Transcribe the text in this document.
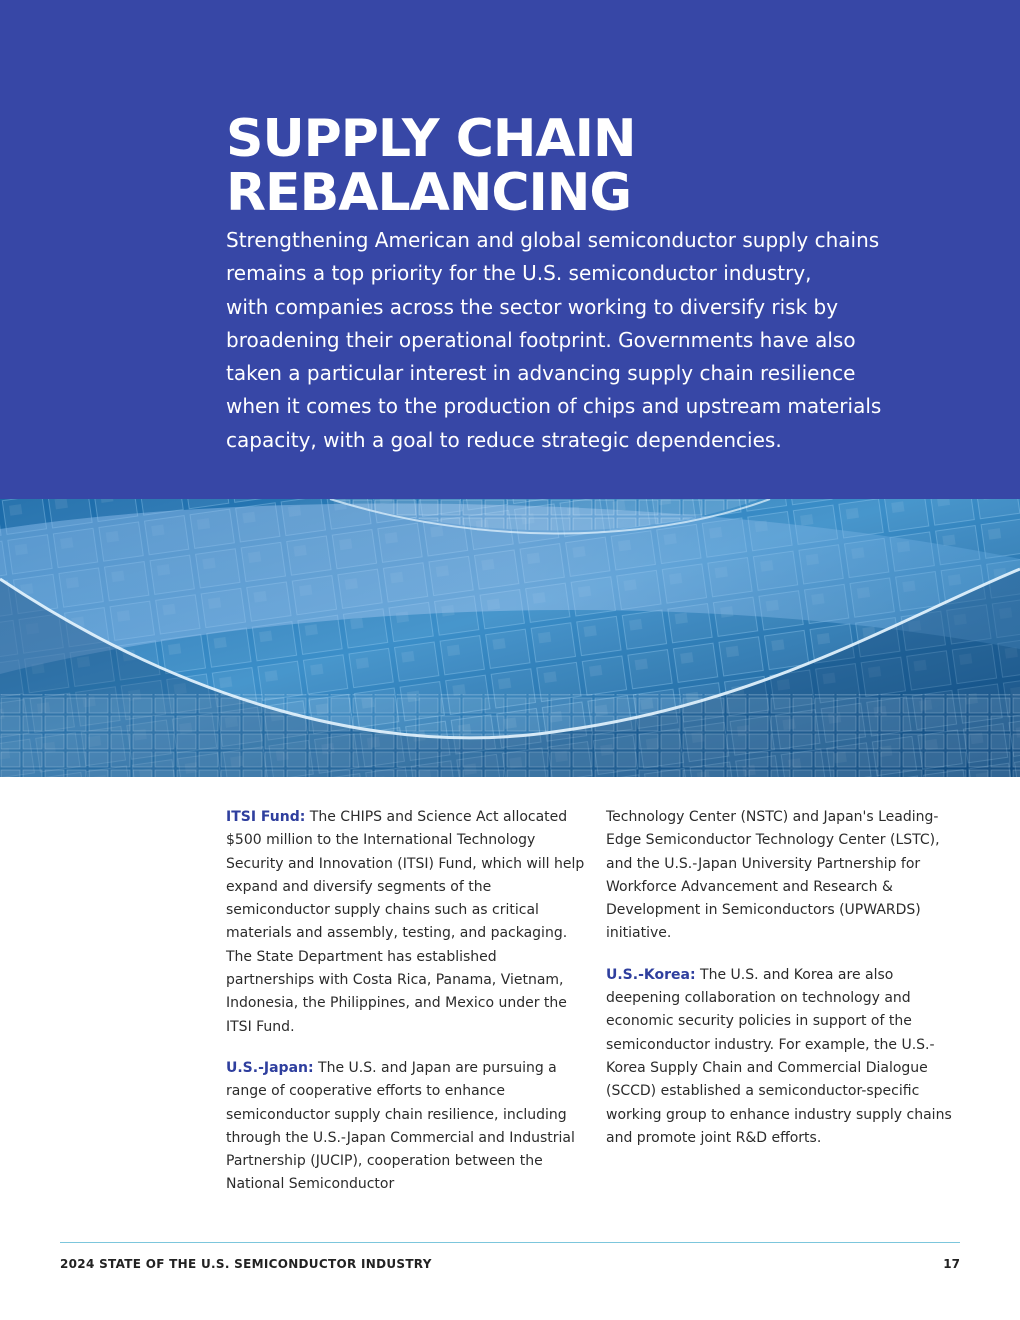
SUPPLY CHAIN
REBALANCING

Strengthening American and global semiconductor supply chains
remains a top priority for the U.S. semiconductor industry,
with companies across the sector working to diversify risk by
broadening their operational footprint. Governments have also
taken a particular interest in advancing supply chain resilience
when it comes to the production of chips and upstream materials
capacity, with a goal to reduce strategic dependencies.

ITSI Fund: The CHIPS and Science Act allocated $500 million to the International Technology Security and Innovation (ITSI) Fund, which will help expand and diversify segments of the semiconductor supply chains such as critical materials and assembly, testing, and packaging. The State Department has established partnerships with Costa Rica, Panama, Vietnam, Indonesia, the Philippines, and Mexico under the ITSI Fund.

U.S.-Japan: The U.S. and Japan are pursuing a range of cooperative efforts to enhance semiconductor supply chain resilience, including through the U.S.-Japan Commercial and Industrial Partnership (JUCIP), cooperation between the National Semiconductor

Technology Center (NSTC) and Japan's Leading-Edge Semiconductor Technology Center (LSTC), and the U.S.-Japan University Partnership for Workforce Advancement and Research & Development in Semiconductors (UPWARDS) initiative.

U.S.-Korea: The U.S. and Korea are also deepening collaboration on technology and economic security policies in support of the semiconductor industry. For example, the U.S.-Korea Supply Chain and Commercial Dialogue (SCCD) established a semiconductor-specific working group to enhance industry supply chains and promote joint R&D efforts.

2024 STATE OF THE U.S. SEMICONDUCTOR INDUSTRY	17
